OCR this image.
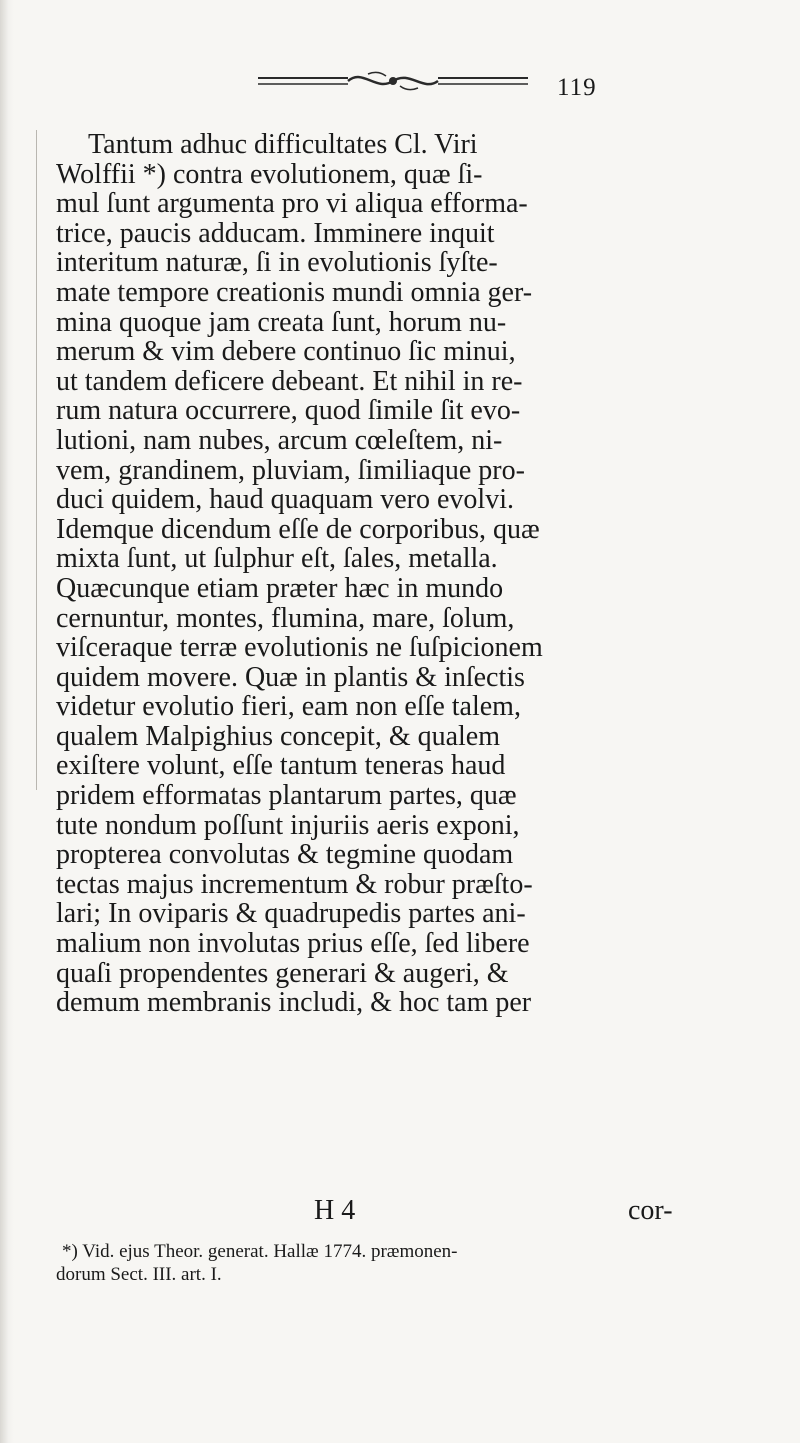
119
Tantum adhuc difficultates Cl. Viri
Wolffii *) contra evolutionem, quæ ſi-
mul ſunt argumenta pro vi aliqua efforma-
trice, paucis adducam. Imminere inquit
interitum naturæ, ſi in evolutionis ſyſte-
mate tempore creationis mundi omnia ger-
mina quoque jam creata ſunt, horum nu-
merum & vim debere continuo ſic minui,
ut tandem deficere debeant. Et nihil in re-
rum natura occurrere, quod ſimile ſit evo-
lutioni, nam nubes, arcum cœleſtem, ni-
vem, grandinem, pluviam, ſimiliaque pro-
duci quidem, haud quaquam vero evolvi.
Idemque dicendum eſſe de corporibus, quæ
mixta ſunt, ut ſulphur eſt, ſales, metalla.
Quæcunque etiam præter hæc in mundo
cernuntur, montes, flumina, mare, ſolum,
viſceraque terræ evolutionis ne ſuſpicionem
quidem movere. Quæ in plantis & inſectis
videtur evolutio fieri, eam non eſſe talem,
qualem Malpighius concepit, & qualem
exiſtere volunt, eſſe tantum teneras haud
pridem efformatas plantarum partes, quæ
tute nondum poſſunt injuriis aeris exponi,
propterea convolutas & tegmine quodam
tectas majus incrementum & robur præſto-
lari; In oviparis & quadrupedis partes ani-
malium non involutas prius eſſe, ſed libere
quaſi propendentes generari & augeri, &
demum membranis includi, & hoc tam per
H 4	cor-
*) Vid. ejus Theor. generat. Hallæ 1774. præmonen-
dorum Sect. III. art. I.
